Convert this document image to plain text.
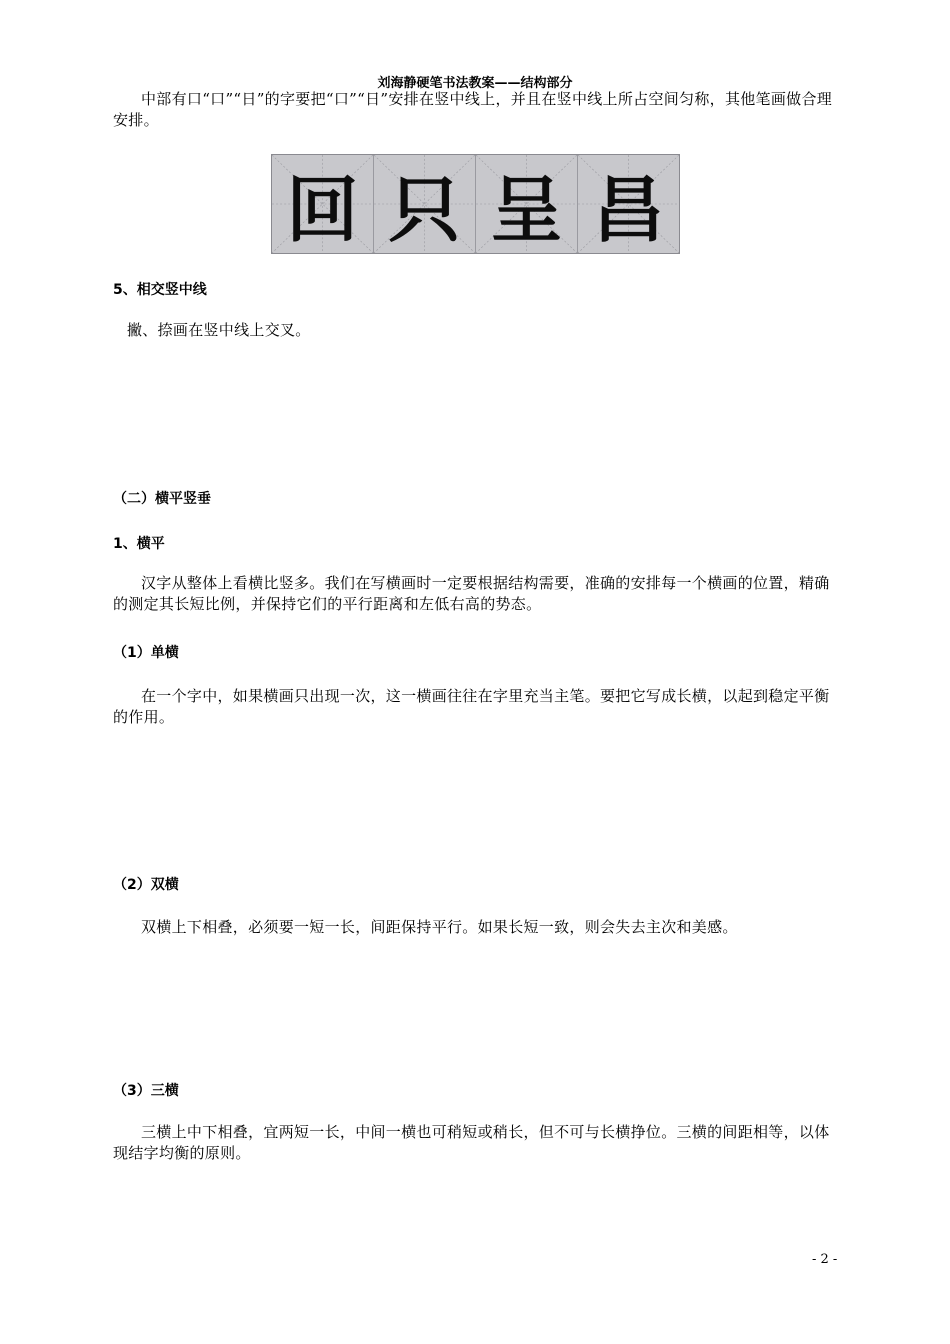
刘海静硬笔书法教案——结构部分
中部有口“口”“日”的字要把“口”“日”安排在竖中线上，并且在竖中线上所占空间匀称，其他笔画做合理安排。
回 只 呈 昌
5、相交竖中线
撇、捺画在竖中线上交叉。
（二）横平竖垂
1、横平
汉字从整体上看横比竖多。我们在写横画时一定要根据结构需要，准确的安排每一个横画的位置，精确的测定其长短比例，并保持它们的平行距离和左低右高的势态。
（1）单横
在一个字中，如果横画只出现一次，这一横画往往在字里充当主笔。要把它写成长横，以起到稳定平衡的作用。
（2）双横
双横上下相叠，必须要一短一长，间距保持平行。如果长短一致，则会失去主次和美感。
（3）三横
三横上中下相叠，宜两短一长，中间一横也可稍短或稍长，但不可与长横挣位。三横的间距相等，以体现结字均衡的原则。
- 2 -
